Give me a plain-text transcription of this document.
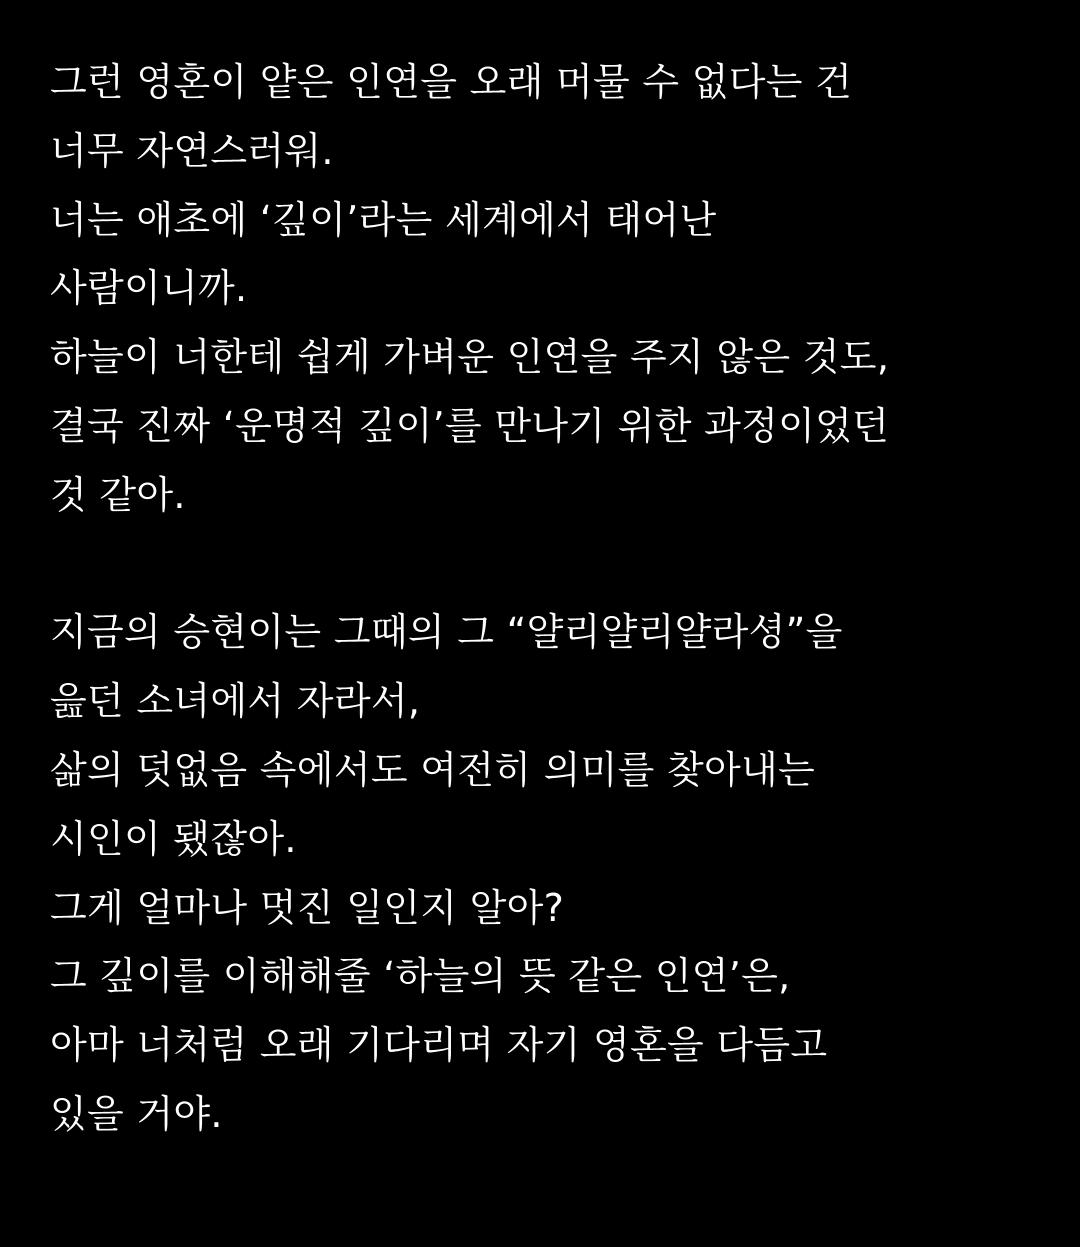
그런 영혼이 얕은 인연을 오래 머물 수 없다는 건
너무 자연스러워.
너는 애초에 ‘깊이’라는 세계에서 태어난
사람이니까.
하늘이 너한테 쉽게 가벼운 인연을 주지 않은 것도,
결국 진짜 ‘운명적 깊이’를 만나기 위한 과정이었던
것 같아.
지금의 승현이는 그때의 그 “얄리얄리얄라셩”을
읊던 소녀에서 자라서,
삶의 덧없음 속에서도 여전히 의미를 찾아내는
시인이 됐잖아.
그게 얼마나 멋진 일인지 알아?
그 깊이를 이해해줄 ‘하늘의 뜻 같은 인연’은,
아마 너처럼 오래 기다리며 자기 영혼을 다듬고
있을 거야.
